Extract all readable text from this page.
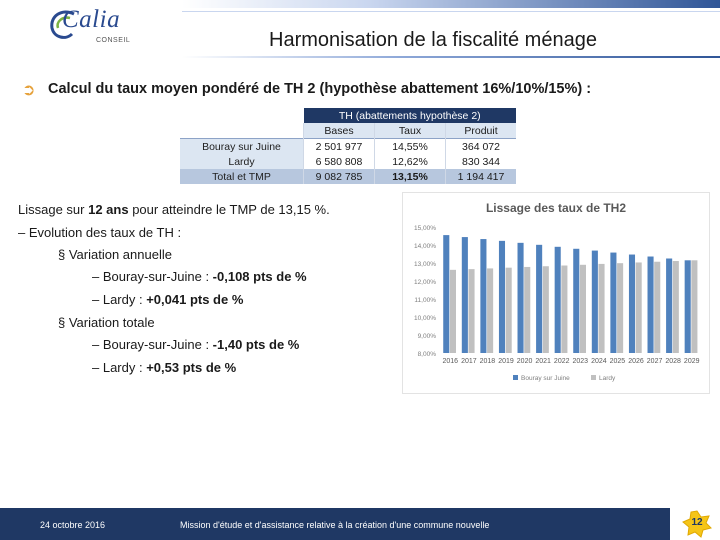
Calia
CONSEIL	Harmonisation de la fiscalité ménage
➲ Calcul du taux moyen pondéré de TH 2 (hypothèse abattement 16%/10%/15%) :
	TH (abattements hypothèse 2)		
	Bases	Taux	Produit
Bouray sur Juine	2 501 977	14,55%	364 072
Lardy	6 580 808	12,62%	830 344
Total et TMP	9 082 785	13,15%	1 194 417
Lissage sur 12 ans pour atteindre le TMP de 13,15 %.
– Evolution des taux de TH :
§ Variation annuelle
– Bouray-sur-Juine : -0,108 pts de %
– Lardy : +0,041 pts de %
§ Variation totale
– Bouray-sur-Juine : -1,40 pts de %
– Lardy : +0,53 pts de %
Lissage des taux de TH2
15,00%
14,00%
13,00%
12,00%
11,00%
10,00%
9,00%
8,00%
2016 2017 2018 2019 2020 2021 2022 2023 2024 2025 2026 2027 2028 2029
Bouray sur Juine	Lardy
24 octobre 2016	Mission d'étude et d'assistance relative à la création d'une commune nouvelle	12
